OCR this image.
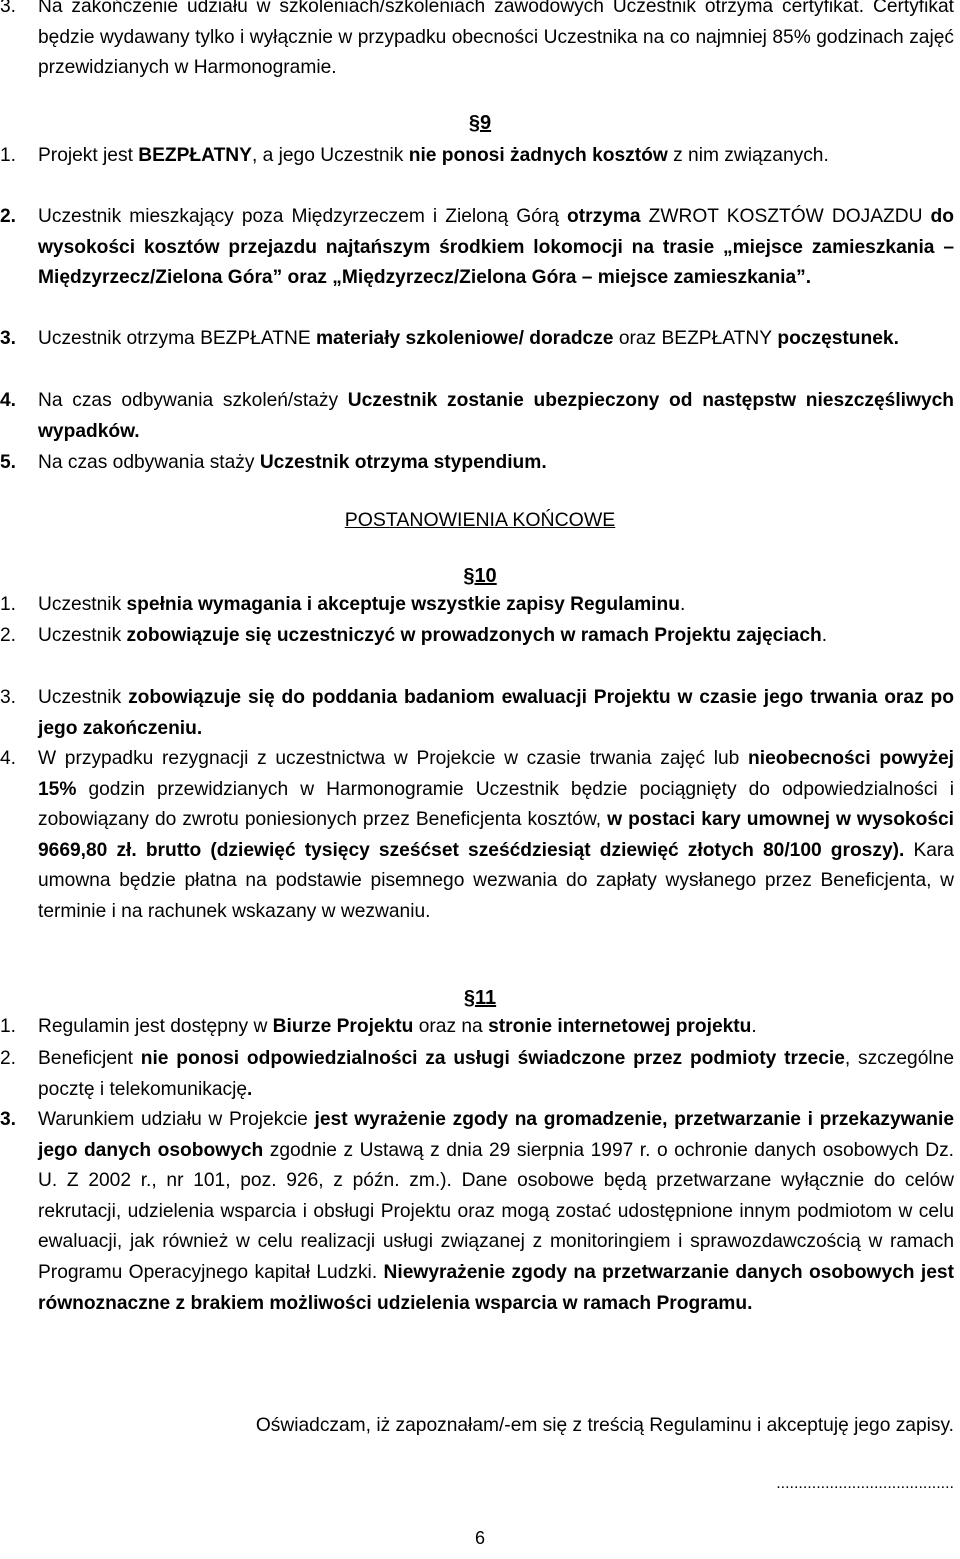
3. Na zakończenie udziału w szkoleniach/szkoleniach zawodowych Uczestnik otrzyma certyfikat. Certyfikat będzie wydawany tylko i wyłącznie w przypadku obecności Uczestnika na co najmniej 85% godzinach zajęć przewidzianych w Harmonogramie.
§9
1. Projekt jest BEZPŁATNY, a jego Uczestnik nie ponosi żadnych kosztów z nim związanych.
2. Uczestnik mieszkający poza Międzyrzeczem i Zieloną Górą otrzyma ZWROT KOSZTÓW DOJAZDU do wysokości kosztów przejazdu najtańszym środkiem lokomocji na trasie „miejsce zamieszkania – Międzyrzecz/Zielona Góra” oraz „Międzyrzecz/Zielona Góra – miejsce zamieszkania”.
3. Uczestnik otrzyma BEZPŁATNE materiały szkoleniowe/ doradcze oraz BEZPŁATNY poczęstunek.
4. Na czas odbywania szkoleń/staży Uczestnik zostanie ubezpieczony od następstw nieszczęśliwych wypadków.
5. Na czas odbywania staży Uczestnik otrzyma stypendium.
POSTANOWIENIA KOŃCOWE
§10
1. Uczestnik spełnia wymagania i akceptuje wszystkie zapisy Regulaminu.
2. Uczestnik zobowiązuje się uczestniczyć w prowadzonych w ramach Projektu zajęciach.
3. Uczestnik zobowiązuje się do poddania badaniom ewaluacji Projektu w czasie jego trwania oraz po jego zakończeniu.
4. W przypadku rezygnacji z uczestnictwa w Projekcie w czasie trwania zajęć lub nieobecności powyżej 15% godzin przewidzianych w Harmonogramie Uczestnik będzie pociągnięty do odpowiedzialności i zobowiązany do zwrotu poniesionych przez Beneficjenta kosztów, w postaci kary umownej w wysokości 9669,80 zł. brutto (dziewięć tysięcy sześćset sześćdziesiąt dziewięć złotych 80/100 groszy). Kara umowna będzie płatna na podstawie pisemnego wezwania do zapłaty wysłanego przez Beneficjenta, w terminie i na rachunek wskazany w wezwaniu.
§11
1. Regulamin jest dostępny w Biurze Projektu oraz na stronie internetowej projektu.
2. Beneficjent nie ponosi odpowiedzialności za usługi świadczone przez podmioty trzecie, szczególne pocztę i telekomunikację.
3. Warunkiem udziału w Projekcie jest wyrażenie zgody na gromadzenie, przetwarzanie i przekazywanie jego danych osobowych zgodnie z Ustawą z dnia 29 sierpnia 1997 r. o ochronie danych osobowych Dz. U. Z 2002 r., nr 101, poz. 926, z późn. zm.). Dane osobowe będą przetwarzane wyłącznie do celów rekrutacji, udzielenia wsparcia i obsługi Projektu oraz mogą zostać udostępnione innym podmiotom w celu ewaluacji, jak również w celu realizacji usługi związanej z monitoringiem i sprawozdawczością w ramach Programu Operacyjnego kapitał Ludzki. Niewyrażenie zgody na przetwarzanie danych osobowych jest równoznaczne z brakiem możliwości udzielenia wsparcia w ramach Programu.
Oświadczam, iż zapoznałam/-em się z treścią Regulaminu i akceptuję jego zapisy.
........................................
6
